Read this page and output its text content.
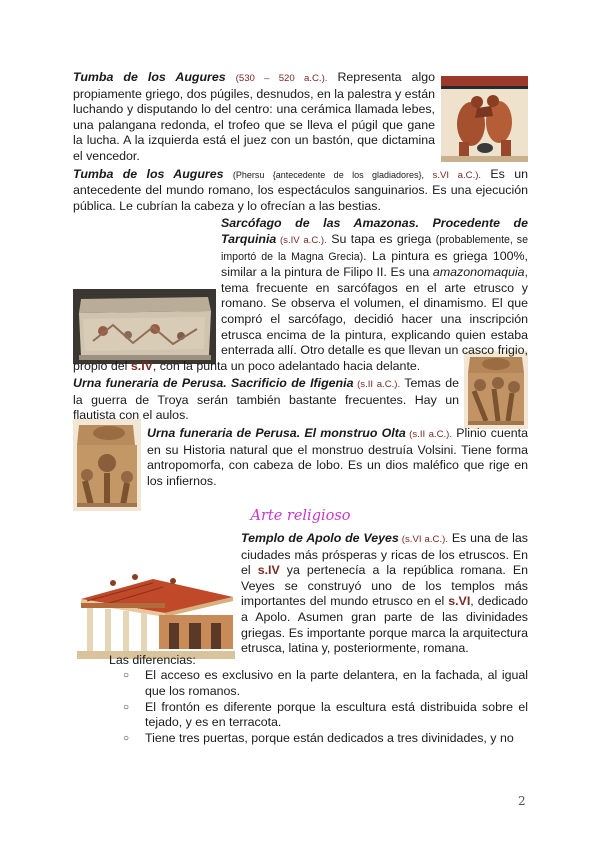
Tumba de los Augures (530 – 520 a.C.). Representa algo propiamente griego, dos púgiles, desnudos, en la palestra y están luchando y disputando lo del centro: una cerámica llamada lebes, una palangana redonda, el trofeo que se lleva el púgil que gane la lucha. A la izquierda está el juez con un bastón, que dictamina el vencedor.

Tumba de los Augures (Phersu {antecedente de los gladiadores}, s.VI a.C.). Es un antecedente del mundo romano, los espectáculos sanguinarios. Es una ejecución pública. Le cubrían la cabeza y lo ofrecían a las bestias.

Sarcófago de las Amazonas. Procedente de Tarquinia (s.IV a.C.). Su tapa es griega (probablemente, se importó de la Magna Grecia). La pintura es griega 100%, similar a la pintura de Filipo II. Es una amazonomaquia, tema frecuente en sarcófagos en el arte etrusco y romano. Se observa el volumen, el dinamismo. El que compró el sarcófago, decidió hacer una inscripción etrusca encima de la pintura, explicando quien estaba enterrada allí. Otro detalle es que llevan un casco frigio, propio del s.IV, con la punta un poco adelantado hacia delante.

Urna funeraria de Perusa. Sacrificio de Ifigenia (s.II a.C.). Temas de la guerra de Troya serán también bastante frecuentes. Hay un flautista con el aulos.

Urna funeraria de Perusa. El monstruo Olta (s.II a.C.). Plinio cuenta en su Historia natural que el monstruo destruía Volsini. Tiene forma antropomorfa, con cabeza de lobo. Es un dios maléfico que rige en los infiernos.

Arte religioso

Templo de Apolo de Veyes (s.VI a.C.). Es una de las ciudades más prósperas y ricas de los etruscos. En el s.IV ya pertenecía a la república romana. En Veyes se construyó uno de los templos más importantes del mundo etrusco en el s.VI, dedicado a Apolo. Asumen gran parte de las divinidades griegas. Es importante porque marca la arquitectura etrusca, latina y, posteriormente, romana.

Las diferencias:
○ El acceso es exclusivo en la parte delantera, en la fachada, al igual que los romanos.
○ El frontón es diferente porque la escultura está distribuida sobre el tejado, y es en terracota.
○ Tiene tres puertas, porque están dedicados a tres divinidades, y no
2
